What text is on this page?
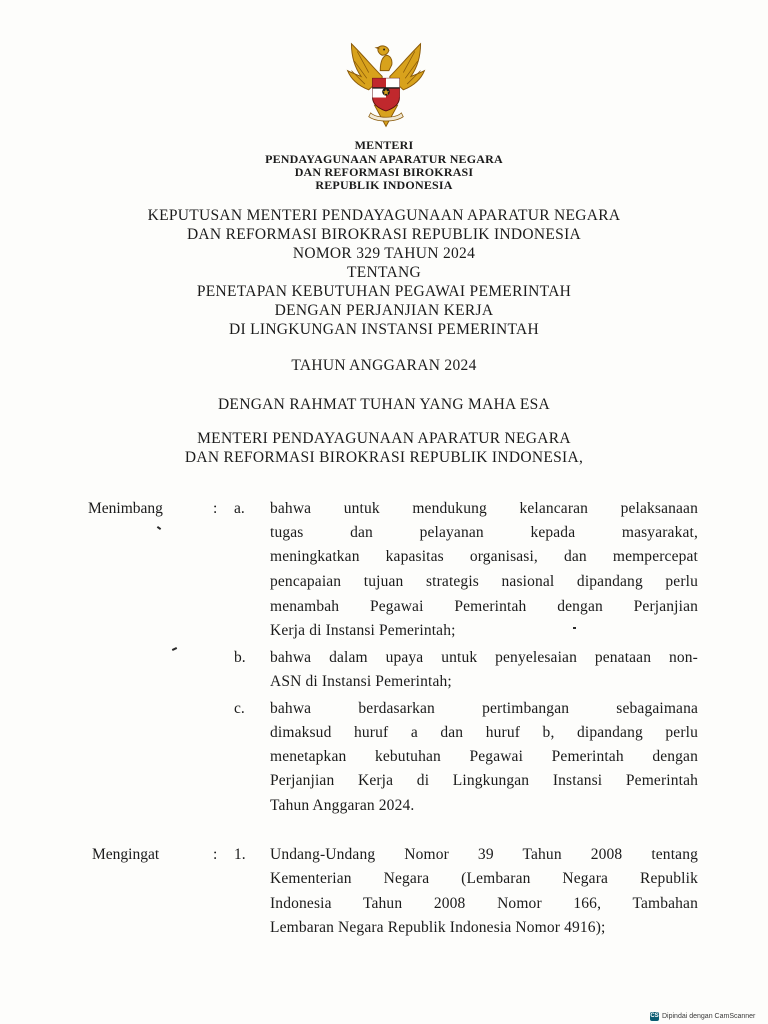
MENTERI
PENDAYAGUNAAN APARATUR NEGARA
DAN REFORMASI BIROKRASI
REPUBLIK INDONESIA
KEPUTUSAN MENTERI PENDAYAGUNAAN APARATUR NEGARA
DAN REFORMASI BIROKRASI REPUBLIK INDONESIA
NOMOR 329 TAHUN 2024
TENTANG
PENETAPAN KEBUTUHAN PEGAWAI PEMERINTAH
DENGAN PERJANJIAN KERJA
DI LINGKUNGAN INSTANSI PEMERINTAH
TAHUN ANGGARAN 2024
DENGAN RAHMAT TUHAN YANG MAHA ESA
MENTERI PENDAYAGUNAAN APARATUR NEGARA
DAN REFORMASI BIROKRASI REPUBLIK INDONESIA,
Menimbang	: a. bahwa untuk mendukung kelancaran pelaksanaan
tugas dan pelayanan kepada masyarakat,
meningkatkan kapasitas organisasi, dan mempercepat
pencapaian tujuan strategis nasional dipandang perlu
menambah Pegawai Pemerintah dengan Perjanjian
Kerja di Instansi Pemerintah;
b. bahwa dalam upaya untuk penyelesaian penataan non-
ASN di Instansi Pemerintah;
c. bahwa berdasarkan pertimbangan sebagaimana
dimaksud huruf a dan huruf b, dipandang perlu
menetapkan kebutuhan Pegawai Pemerintah dengan
Perjanjian Kerja di Lingkungan Instansi Pemerintah
Tahun Anggaran 2024.
Mengingat	: 1. Undang-Undang Nomor 39 Tahun 2008 tentang
Kementerian Negara (Lembaran Negara Republik
Indonesia Tahun 2008 Nomor 166, Tambahan
Lembaran Negara Republik Indonesia Nomor 4916);
CS Dipindai dengan CamScanner
